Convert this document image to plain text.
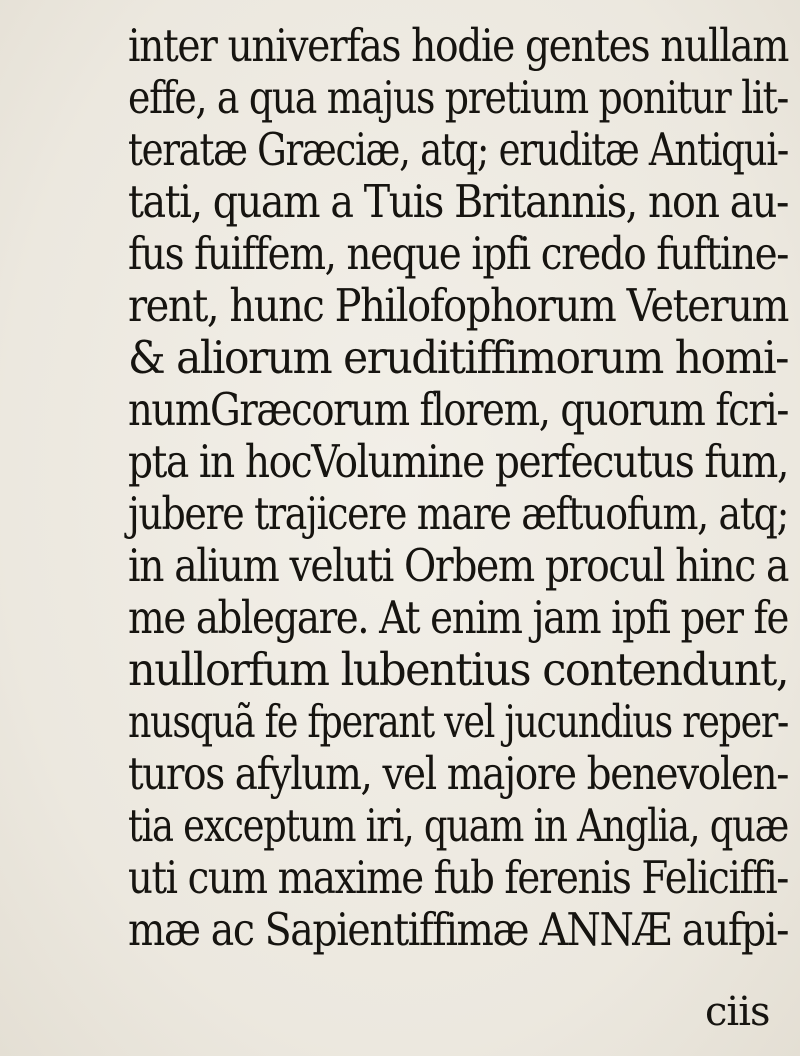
inter univerfas hodie gentes nullam

effe, a qua majus pretium ponitur lit-

teratæ Græciæ, atq; eruditæ Antiqui-

tati, quam a Tuis Britannis, non au-

fus fuiffem, neque ipfi credo fuftine-

rent, hunc Philofophorum Veterum

& aliorum eruditiffimorum homi-

numGræcorum florem, quorum fcri-

pta in hocVolumine perfecutus fum,

jubere trajicere mare æftuofum, atq;

in alium veluti Orbem procul hinc a

me ablegare. At enim jam ipfi per fe

nullorfum lubentius contendunt,

nusquã fe fperant vel jucundius reper-

turos afylum, vel majore benevolen-

tia exceptum iri, quam in Anglia, quæ

uti cum maxime fub ferenis Feliciffi-

mæ ac Sapientiffimæ ANNÆ aufpi-

ciis
